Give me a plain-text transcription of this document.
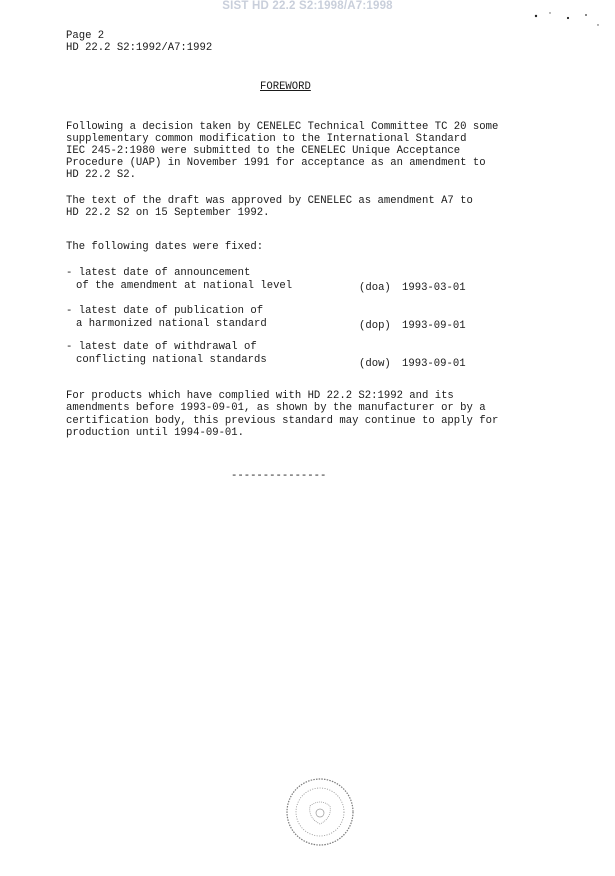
SIST HD 22.2 S2:1998/A7:1998
Page 2
HD 22.2 S2:1992/A7:1992
FOREWORD
Following a decision taken by CENELEC Technical Committee TC 20 some
supplementary common modification to the International Standard
IEC 245-2:1980 were submitted to the CENELEC Unique Acceptance
Procedure (UAP) in November 1991 for acceptance as an amendment to
HD 22.2 S2.
The text of the draft was approved by CENELEC as amendment A7 to
HD 22.2 S2 on 15 September 1992.
The following dates were fixed:
- latest date of announcement
of the amendment at national level	(doa) 1993-03-01
- latest date of publication of
a harmonized national standard	(dop) 1993-09-01
- latest date of withdrawal of
conflicting national standards	(dow) 1993-09-01
For products which have complied with HD 22.2 S2:1992 and its
amendments before 1993-09-01, as shown by the manufacturer or by a
certification body, this previous standard may continue to apply for
production until 1994-09-01.
---------------
